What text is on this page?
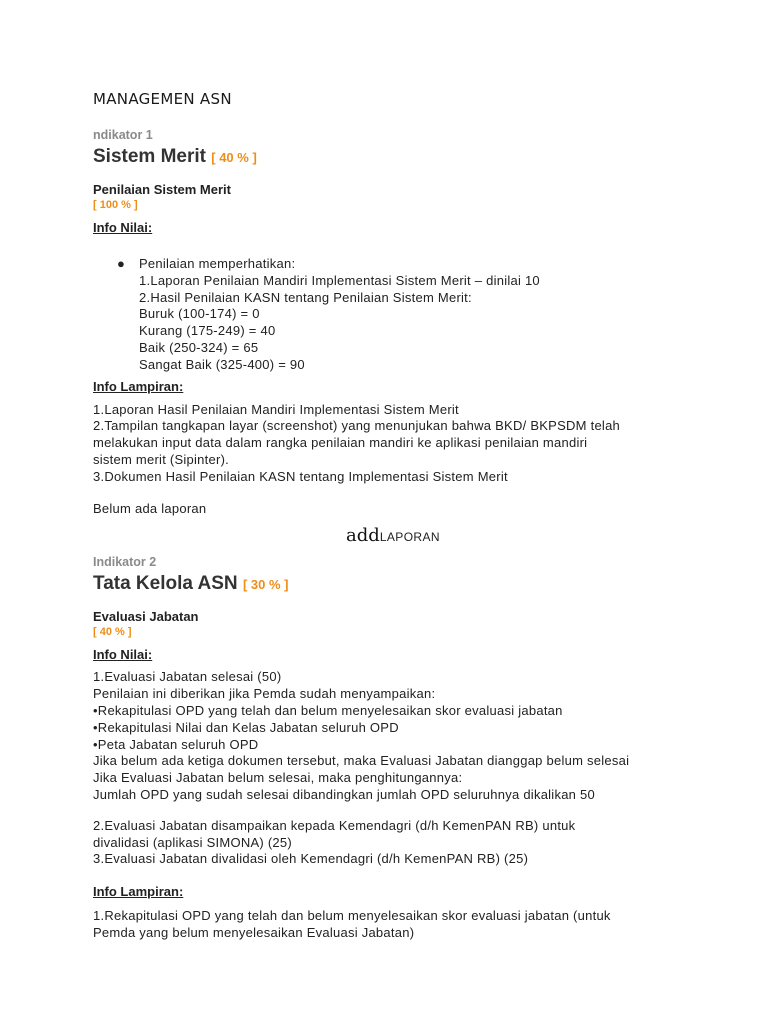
MANAGEMEN ASN
ndikator 1
Sistem Merit [ 40 % ]
Penilaian Sistem Merit
[ 100 % ]
Info Nilai:
● Penilaian memperhatikan:
1.Laporan Penilaian Mandiri Implementasi Sistem Merit – dinilai 10
2.Hasil Penilaian KASN tentang Penilaian Sistem Merit:
Buruk (100-174) = 0
Kurang (175-249) = 40
Baik (250-324) = 65
Sangat Baik (325-400) = 90
Info Lampiran:
1.Laporan Hasil Penilaian Mandiri Implementasi Sistem Merit
2.Tampilan tangkapan layar (screenshot) yang menunjukan bahwa BKD/ BKPSDM telah
melakukan input data dalam rangka penilaian mandiri ke aplikasi penilaian mandiri
sistem merit (Sipinter).
3.Dokumen Hasil Penilaian KASN tentang Implementasi Sistem Merit
Belum ada laporan
addLAPORAN
Indikator 2
Tata Kelola ASN [ 30 % ]
Evaluasi Jabatan
[ 40 % ]
Info Nilai:
1.Evaluasi Jabatan selesai (50)
Penilaian ini diberikan jika Pemda sudah menyampaikan:
•Rekapitulasi OPD yang telah dan belum menyelesaikan skor evaluasi jabatan
•Rekapitulasi Nilai dan Kelas Jabatan seluruh OPD
•Peta Jabatan seluruh OPD
Jika belum ada ketiga dokumen tersebut, maka Evaluasi Jabatan dianggap belum selesai
Jika Evaluasi Jabatan belum selesai, maka penghitungannya:
Jumlah OPD yang sudah selesai dibandingkan jumlah OPD seluruhnya dikalikan 50
2.Evaluasi Jabatan disampaikan kepada Kemendagri (d/h KemenPAN RB) untuk
divalidasi (aplikasi SIMONA) (25)
3.Evaluasi Jabatan divalidasi oleh Kemendagri (d/h KemenPAN RB) (25)
Info Lampiran:
1.Rekapitulasi OPD yang telah dan belum menyelesaikan skor evaluasi jabatan (untuk
Pemda yang belum menyelesaikan Evaluasi Jabatan)
